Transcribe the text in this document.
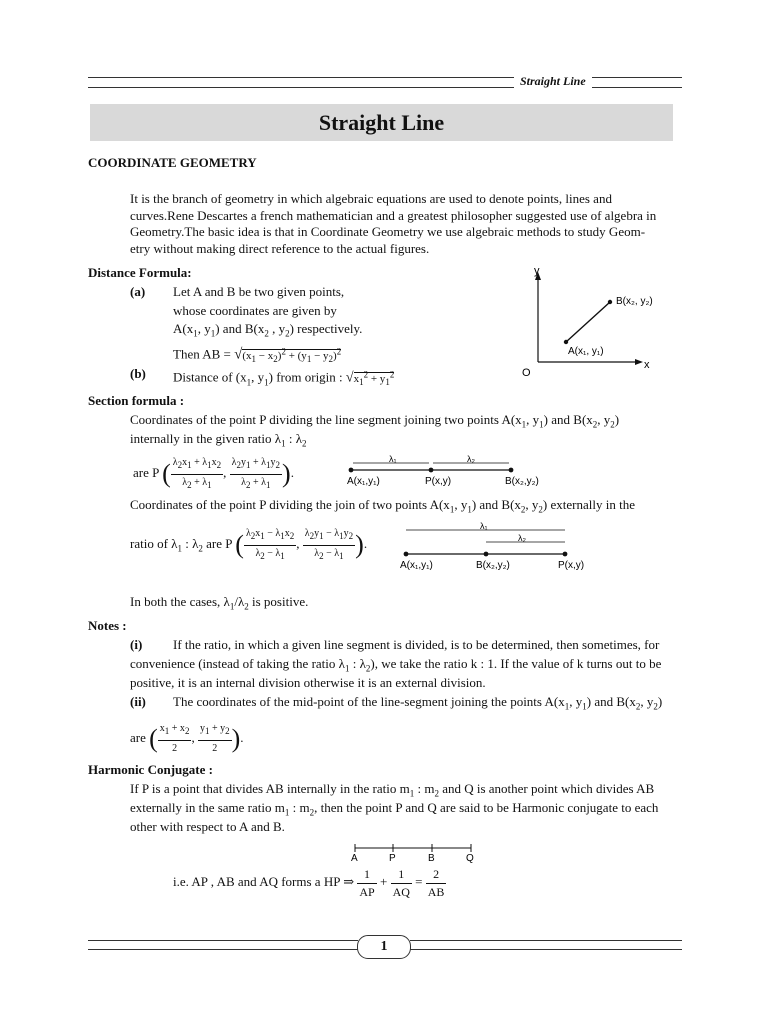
Straight Line
Straight Line
COORDINATE GEOMETRY
It is the branch of geometry in which algebraic equations are used to denote points, lines and
curves.Rene Descartes a french mathematician and a greatest philosopher suggested use of algebra in
Geometry.The basic idea is that in Coordinate Geometry we use algebraic methods to study Geom-
etry without making direct reference to the actual figures.
Distance Formula:
(a) Let A and B be two given points,
whose coordinates are given by
$A(x_1$, $y_1$) and $B(x_2$ , $y_2$) respectively.
Then AB = $√(x_1 - x_2)^2 + (y_1 - y_2)^2$
(b) Distance of ($x_1$, $y_1$) from origin : $√x_1^2 + y_1^2$
y
x
O
A(x₁, y₁)
B(x₂, y₂)
Section formula :
Coordinates of the point P dividing the line segment joining two points $A(x_1$, $y_1$) and $B(x_2$, $y_2$)
internally in the given ratio $\lambda_1$ : $\lambda_2$
are P ( $\frac{\lambda_2x_1 + \lambda_1x_2}{\lambda_2 + \lambda_1}$ , $\frac{\lambda_2y_1 + \lambda_1y_2}{\lambda_2 + \lambda_1}$ ).
λ₁	λ₂
A(x₁,y₁)	P(x,y)	B(x₂,y₂)
Coordinates of the point P dividing the join of two points $A(x_1$, $y_1$) and $B(x_2$, $y_2$) externally in the
ratio of $\lambda_1$ : $\lambda_2$ are P ( $\frac{\lambda_2x_1 - \lambda_1x_2}{\lambda_2 - \lambda_1}$ , $\frac{\lambda_2y_1 - \lambda_1y_2}{\lambda_2 - \lambda_1}$ ).
λ₁
λ₂
A(x₁,y₁)	B(x₂,y₂)	P(x,y)
In both the cases, $\lambda_1/\lambda_2$ is positive.
Notes :
(i) If the ratio, in which a given line segment is divided, is to be determined, then sometimes, for
convenience (instead of taking the ratio $\lambda_1$ : $\lambda_2$), we take the ratio k : 1. If the value of k turns out to be
positive, it is an internal division otherwise it is an external division.
(ii) The coordinates of the mid-point of the line-segment joining the points $A(x_1$, $y_1$) and $B(x_2$, $y_2$)
are ( $\frac{x_1 + x_2}{2}$ , $\frac{y_1 + y_2}{2}$ ).
Harmonic Conjugate :
If P is a point that divides AB internally in the ratio $m_1$ : $m_2$ and Q is another point which divides AB
externally in the same ratio $m_1$ : $m_2$, then the point P and Q are said to be Harmonic conjugate to each
other with respect to A and B.
A	P	B	Q
i.e. AP , AB and AQ forms a HP ⇒ $\frac{1}{AP} + \frac{1}{AQ} = \frac{2}{AB}$
1
